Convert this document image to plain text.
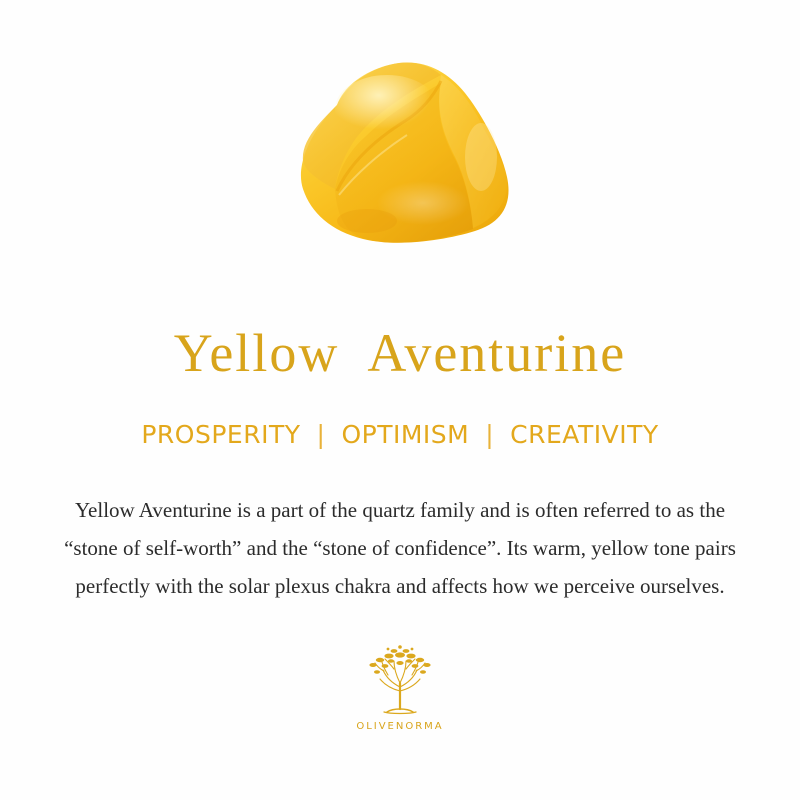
Yellow  Aventurine
PROSPERITY | OPTIMISM | CREATIVITY
Yellow Aventurine is a part of the quartz family and is often referred to as the “stone of self-worth” and the “stone of confidence”. Its warm, yellow tone pairs perfectly with the solar plexus chakra and affects how we perceive ourselves.
OLIVENORMA
